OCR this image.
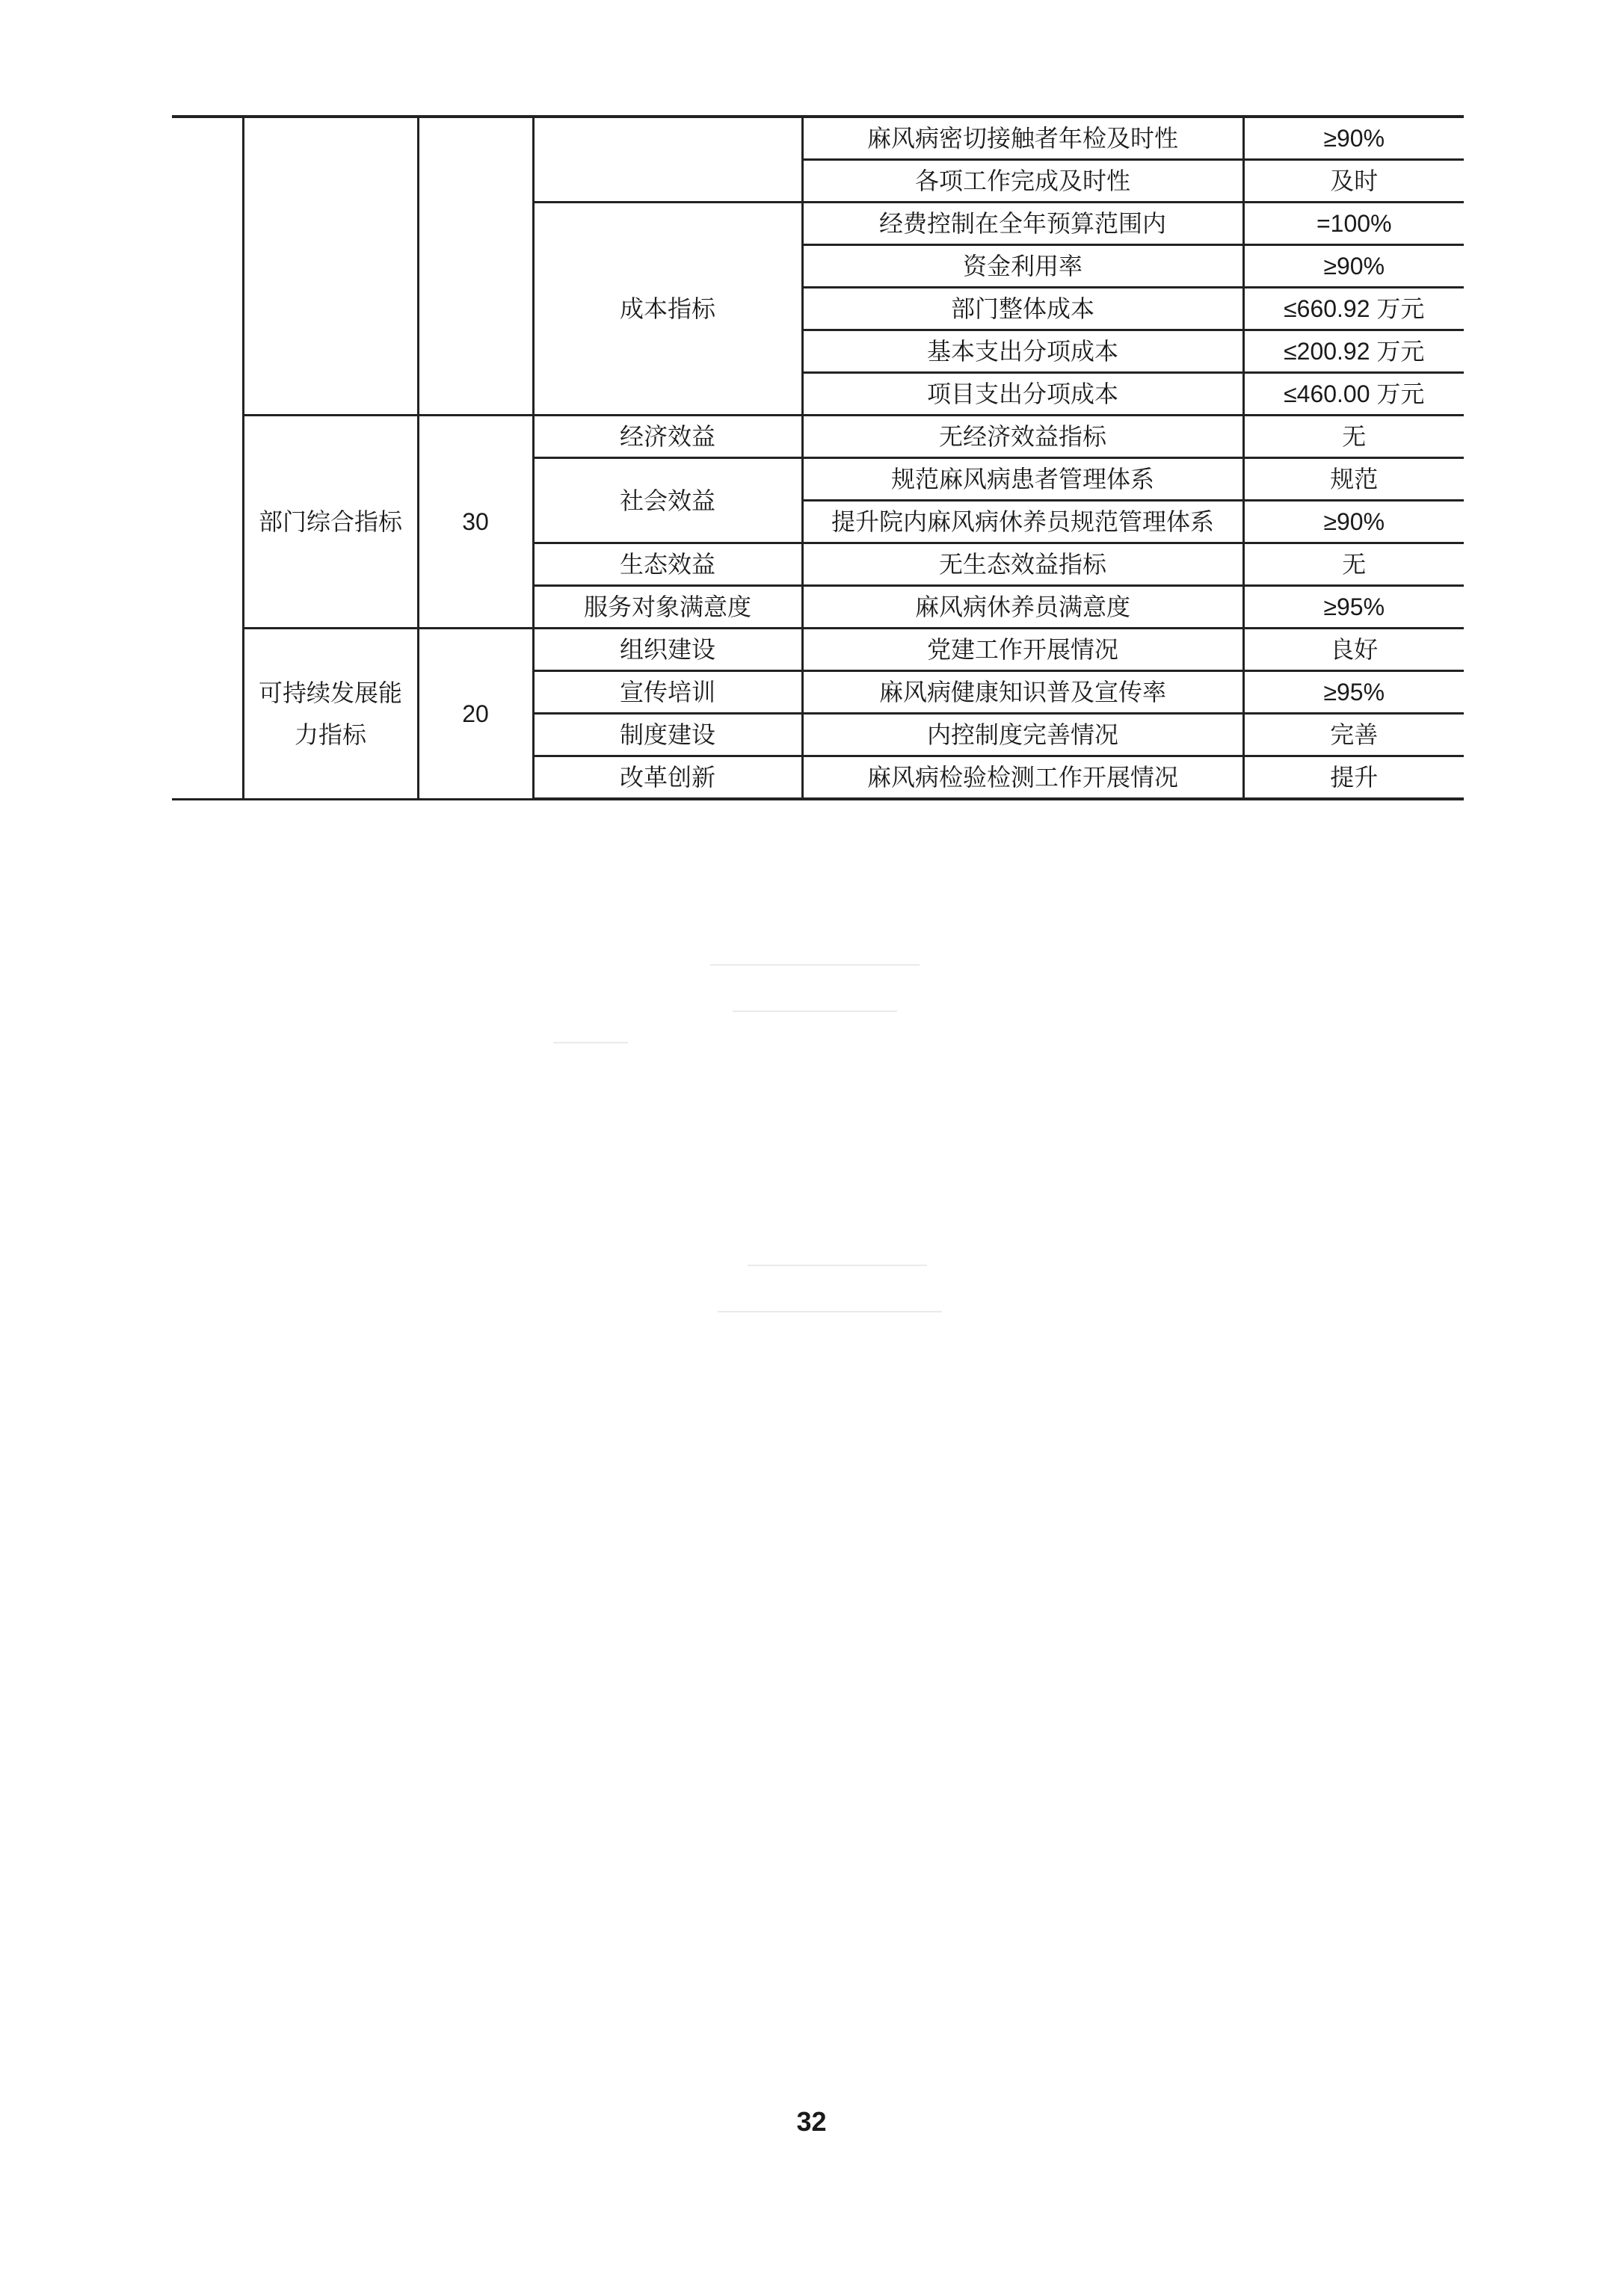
				麻风病密切接触者年检及时性	≥90%
				各项工作完成及时性	及时
			成本指标	经费控制在全年预算范围内	=100%
				资金利用率	≥90%
				部门整体成本	≤660.92 万元
				基本支出分项成本	≤200.92 万元
				项目支出分项成本	≤460.00 万元
	部门综合指标	30	经济效益	无经济效益指标	无
			社会效益	规范麻风病患者管理体系	规范
				提升院内麻风病休养员规范管理体系	≥90%
			生态效益	无生态效益指标	无
			服务对象满意度	麻风病休养员满意度	≥95%
	可持续发展能力指标	20	组织建设	党建工作开展情况	良好
			宣传培训	麻风病健康知识普及宣传率	≥95%
			制度建设	内控制度完善情况	完善
			改革创新	麻风病检验检测工作开展情况	提升
32
